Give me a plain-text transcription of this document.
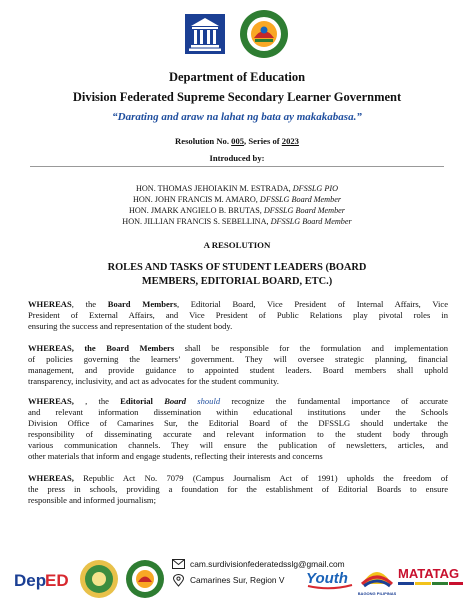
Department of Education
Division Federated Supreme Secondary Learner Government
“Darating and araw na lahat ng bata ay makakabasa.”
Resolution No. 005, Series of 2023
Introduced by:
HON. THOMAS JEHOIAKIN M. ESTRADA, DFSSLG PIO
HON. JOHN FRANCIS M. AMARO, DFSSLG Board Member
HON. JMARK ANGIELO B. BRUTAS, DFSSLG Board Member
HON. JILLIAN FRANCIS S. SEBELLINA, DFSSLG Board Member
A RESOLUTION
ROLES AND TASKS OF STUDENT LEADERS (BOARD
MEMBERS, EDITORIAL BOARD, ETC.)

WHEREAS, the Board Members, Editorial Board, Vice President of Internal Affairs, Vice

President of External Affairs, and Vice President of Public Relations play pivotal roles in

ensuring the success and representation of the student body.

WHEREAS, the Board Members shall be responsible for the formulation and implementation

of policies governing the learners’ government. They will oversee strategic planning, financial

management, and provide guidance to appointed student leaders. Board members shall uphold

transparency, inclusivity, and act as advocates for the student community.

WHEREAS, , the Editorial Board should recognize the fundamental importance of accurate

and relevant information dissemination within educational institutions under the Schools

Division Office of Camarines Sur, the Editorial Board of the DFSSLG should undertake the

responsibility of disseminating accurate and relevant information to the student body through

various communication channels. They will ensure the publication of newsletters, articles, and

other materials that inform and engage students, reflecting their interests and concerns

WHEREAS, Republic Act No. 7079 (Campus Journalism Act of 1991) upholds the freedom of

the press in schools, providing a foundation for the establishment of Editorial Boards to ensure

responsible and informed journalism;

Dep
ED
cam.surdivisionfederatedsslg@gmail.com
Camarines Sur, Region V Youth
BAGONG PILIPINAS
MATATAG
